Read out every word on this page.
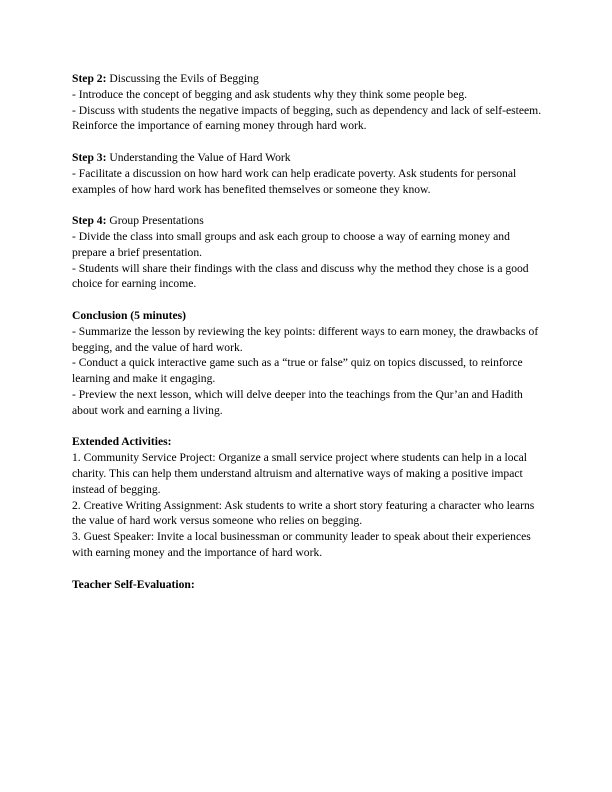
Step 2: Discussing the Evils of Begging
- Introduce the concept of begging and ask students why they think some people beg.
- Discuss with students the negative impacts of begging, such as dependency and lack of self-esteem. Reinforce the importance of earning money through hard work.
Step 3: Understanding the Value of Hard Work
- Facilitate a discussion on how hard work can help eradicate poverty. Ask students for personal examples of how hard work has benefited themselves or someone they know.
Step 4: Group Presentations
- Divide the class into small groups and ask each group to choose a way of earning money and prepare a brief presentation.
- Students will share their findings with the class and discuss why the method they chose is a good choice for earning income.
Conclusion (5 minutes)
- Summarize the lesson by reviewing the key points: different ways to earn money, the drawbacks of begging, and the value of hard work.
- Conduct a quick interactive game such as a “true or false” quiz on topics discussed, to reinforce learning and make it engaging.
- Preview the next lesson, which will delve deeper into the teachings from the Qur’an and Hadith about work and earning a living.
Extended Activities:
1. Community Service Project: Organize a small service project where students can help in a local charity. This can help them understand altruism and alternative ways of making a positive impact instead of begging.
2. Creative Writing Assignment: Ask students to write a short story featuring a character who learns the value of hard work versus someone who relies on begging.
3. Guest Speaker: Invite a local businessman or community leader to speak about their experiences with earning money and the importance of hard work.
Teacher Self-Evaluation:
